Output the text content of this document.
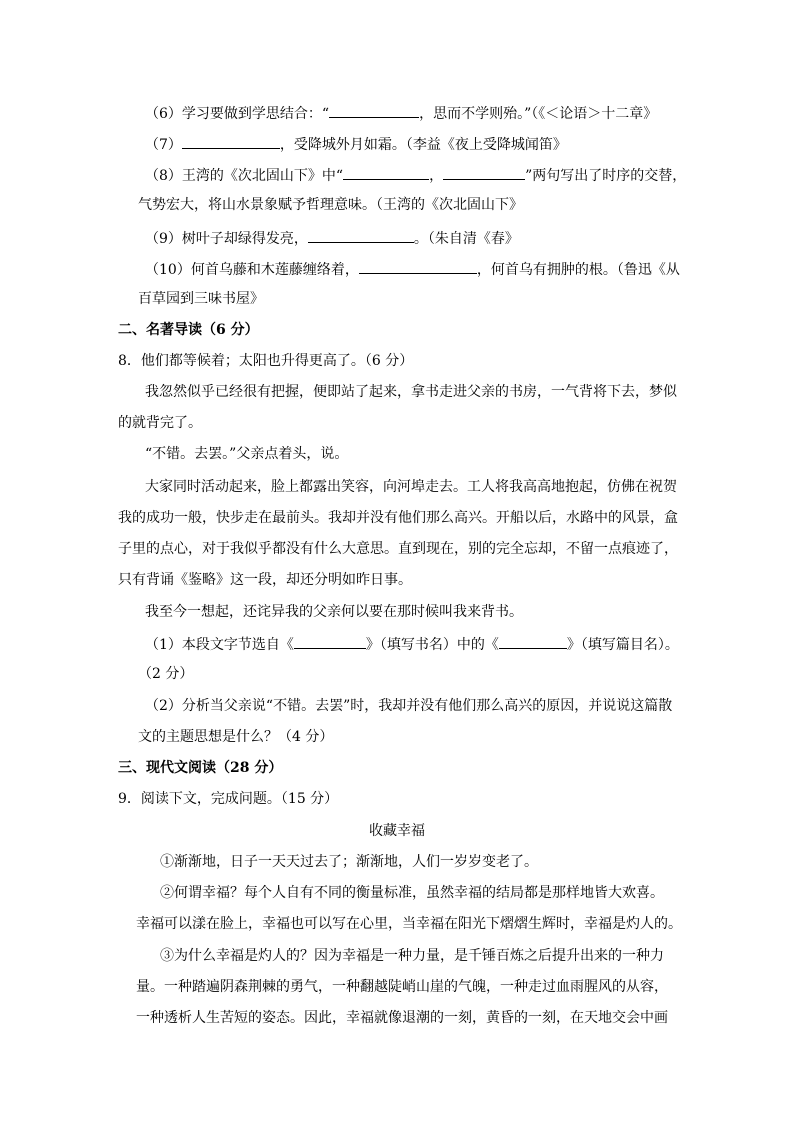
（6）学习要做到学思结合：“	，思而不学则殆。”（《＜论语＞十二章》
（7）	，受降城外月如霜。（李益《夜上受降城闻笛》
（8）王湾的《次北固山下》中“	，	”两句写出了时序的交替，
气势宏大，将山水景象赋予哲理意味。（王湾的《次北固山下》
（9）树叶子却绿得发亮，	。（朱自清《春》
（10）何首乌藤和木莲藤缠络着，	，何首乌有拥肿的根。（鲁迅《从
百草园到三味书屋》
二、名著导读（6 分）
8．他们都等候着；太阳也升得更高了。（6 分）
我忽然似乎已经很有把握，便即站了起来，拿书走进父亲的书房，一气背将下去，梦似
的就背完了。
“不错。去罢。”父亲点着头，说。
大家同时活动起来，脸上都露出笑容，向河埠走去。工人将我高高地抱起，仿佛在祝贺
我的成功一般，快步走在最前头。我却并没有他们那么高兴。开船以后，水路中的风景，盒
子里的点心，对于我似乎都没有什么大意思。直到现在，别的完全忘却，不留一点痕迹了，
只有背诵《鉴略》这一段，却还分明如昨日事。
我至今一想起，还诧异我的父亲何以要在那时候叫我来背书。
（1）本段文字节选自《	》（填写书名）中的《	》（填写篇目名）。
（2 分）
（2）分析当父亲说“不错。去罢”时，我却并没有他们那么高兴的原因，并说说这篇散
文的主题思想是什么？（4 分）
三、现代文阅读（28 分）
9．阅读下文，完成问题。（15 分）
收藏幸福
①渐渐地，日子一天天过去了；渐渐地，人们一岁岁变老了。
②何谓幸福？每个人自有不同的衡量标准，虽然幸福的结局都是那样地皆大欢喜。
幸福可以漾在脸上，幸福也可以写在心里，当幸福在阳光下熠熠生辉时，幸福是灼人的。
③为什么幸福是灼人的？因为幸福是一种力量，是千锤百炼之后提升出来的一种力
量。一种踏遍阴森荆棘的勇气，一种翻越陡峭山崖的气魄，一种走过血雨腥风的从容，
一种透析人生苦短的姿态。因此，幸福就像退潮的一刻，黄昏的一刻，在天地交会中画
